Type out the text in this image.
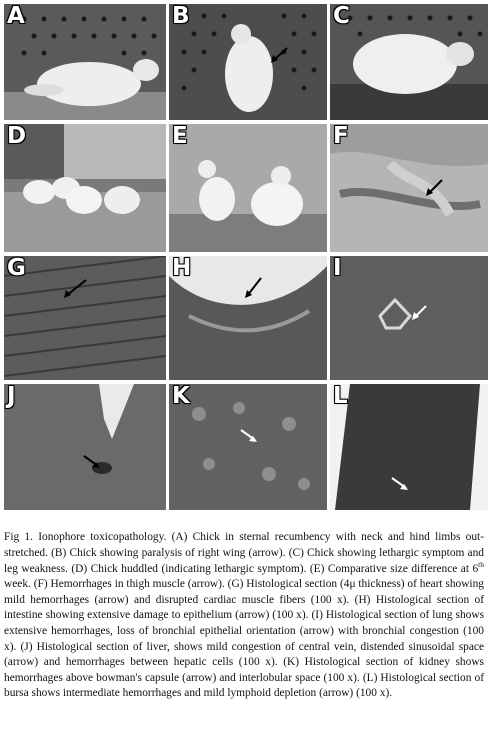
A	B	C
D	E	F
G	H	I
J	K	L

Fig 1. Ionophore toxicopathology. (A) Chick in sternal recumbency with neck and hind limbs out-stretched. (B) Chick showing paralysis of right wing (arrow). (C) Chick showing lethargic symptom and leg weakness. (D) Chick huddled (indicating lethargic symptom). (E) Comparative size difference at 6th week. (F) Hemorrhages in thigh muscle (arrow). (G) Histological section (4μ thickness) of heart showing mild hemorrhages (arrow) and disrupted cardiac muscle fibers (100 x). (H) Histological section of intestine showing extensive damage to epithelium (arrow) (100 x). (I) Histological section of lung shows extensive hemorrhages, loss of bronchial epithelial orientation (arrow) with bronchial congestion (100 x). (J) Histological section of liver, shows mild congestion of central vein, distended sinusoidal space (arrow) and hemorrhages between hepatic cells (100 x). (K) Histological section of kidney shows hemorrhages above bowman's capsule (arrow) and interlobular space (100 x). (L) Histological section of bursa shows intermediate hemorrhages and mild lymphoid depletion (arrow) (100 x).
